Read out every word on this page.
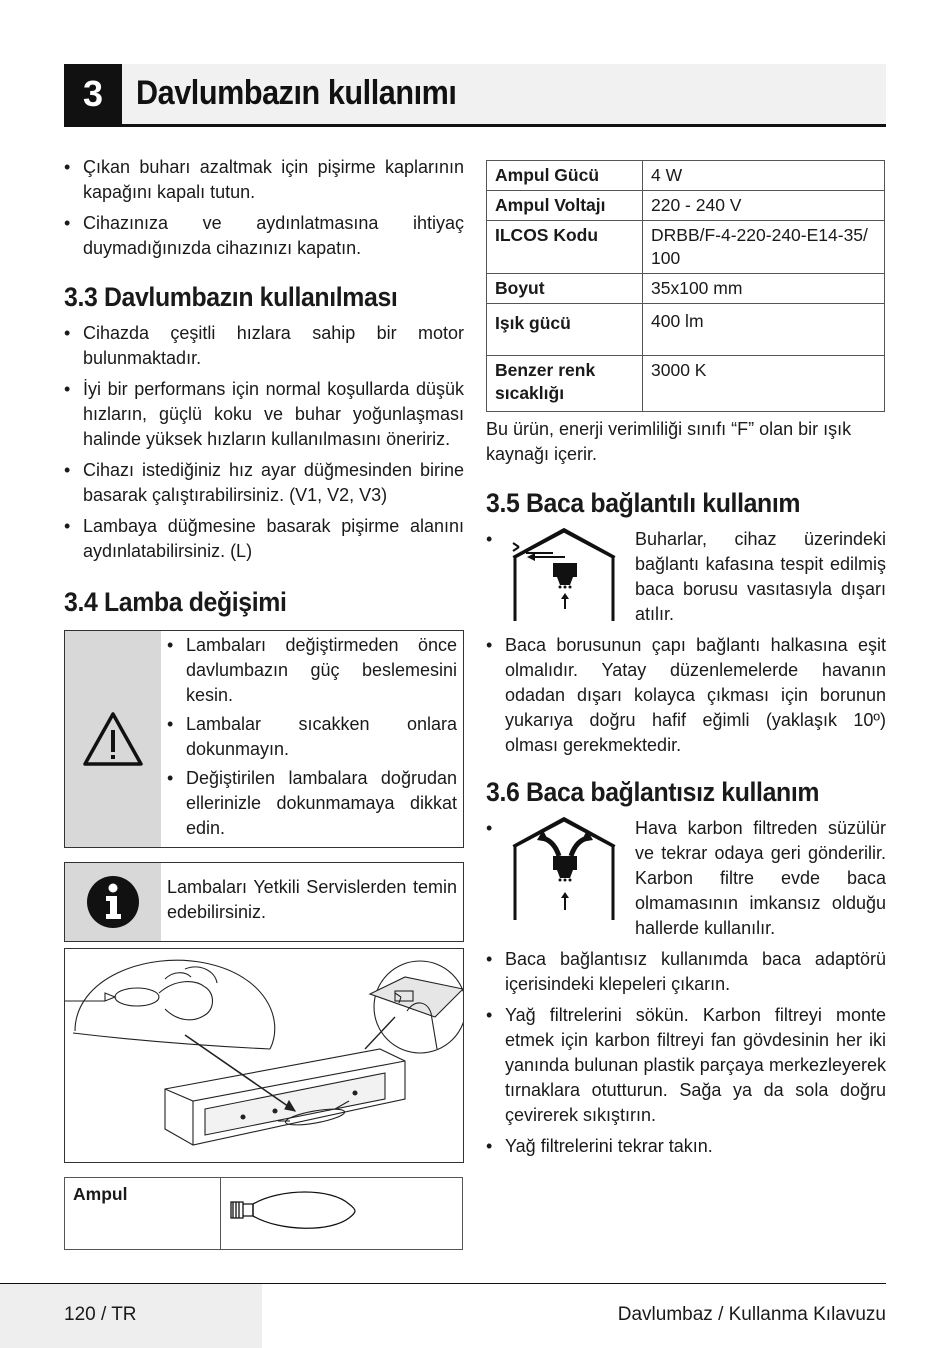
3 Davlumbazın kullanımı
• Çıkan buharı azaltmak için pişirme kaplarının kapağını kapalı tutun.
• Cihazınıza ve aydınlatmasına ihtiyaç duymadığınızda cihazınızı kapatın.
3.3 Davlumbazın kullanılması
• Cihazda çeşitli hızlara sahip bir motor bulunmaktadır.
• İyi bir performans için normal koşullarda düşük hızların, güçlü koku ve buhar yoğunlaşması halinde yüksek hızların kullanılmasını öneririz.
• Cihazı istediğiniz hız ayar düğmesinden birine basarak çalıştırabilirsiniz. (V1, V2, V3)
• Lambaya düğmesine basarak pişirme alanını aydınlatabilirsiniz. (L)
3.4 Lamba değişimi
• Lambaları değiştirmeden önce davlumbazın güç beslemesini kesin.
• Lambalar sıcakken onlara dokunmayın.
• Değiştirilen lambalara doğrudan ellerinizle dokunmamaya dikkat edin.
Lambaları Yetkili Servislerden temin edebilirsiniz.
Ampul	
Ampul Gücü	4 W
Ampul Voltajı	220 - 240 V
ILCOS Kodu	DRBB/F-4-220-240-E14-35/100
Boyut	35x100 mm
Işık gücü	400 lm
Benzer renk sıcaklığı	3000 K

Bu ürün, enerji verimliliği sınıfı “F” olan bir ışık kaynağı içerir.

3.5 Baca bağlantılı kullanım
•	Buharlar, cihaz üzerindeki bağlantı kafasına tespit edilmiş baca borusu vasıtasıyla dışarı atılır.
• Baca borusunun çapı bağlantı halkasına eşit olmalıdır. Yatay düzenlemelerde havanın odadan dışarı kolayca çıkması için borunun yukarıya doğru hafif eğimli (yaklaşık 10º) olması gerekmektedir.
3.6 Baca bağlantısız kullanım
•	Hava karbon filtreden süzülür ve tekrar odaya geri gönderilir. Karbon filtre evde baca olmamasının imkansız olduğu hallerde kullanılır.
• Baca bağlantısız kullanımda baca adaptörü içerisindeki klepeleri çıkarın.
• Yağ filtrelerini sökün. Karbon filtreyi monte etmek için karbon filtreyi fan gövdesinin her iki yanında bulunan plastik parçaya merkezleyerek tırnaklara otutturun. Sağa ya da sola doğru çevirerek sıkıştırın.
• Yağ filtrelerini tekrar takın.
120 / TR	Davlumbaz / Kullanma Kılavuzu
